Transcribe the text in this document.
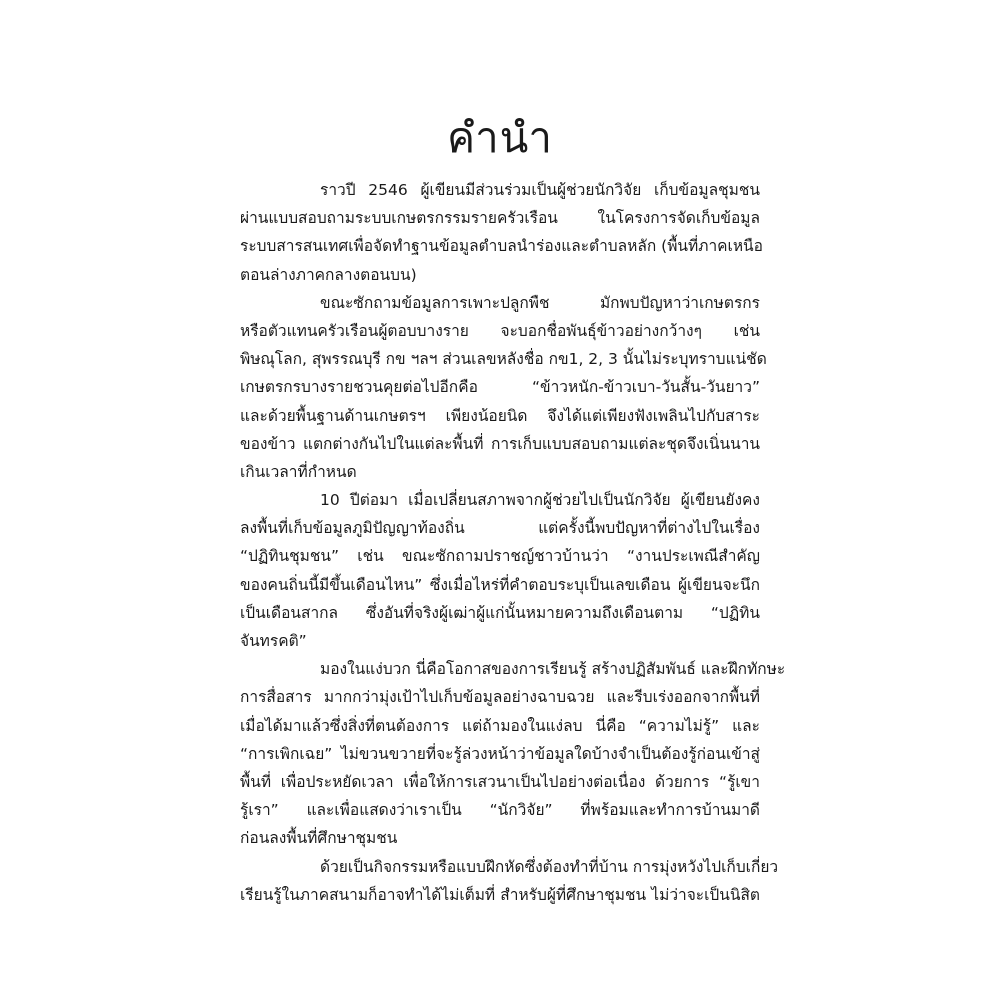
คำนำ
ราวปี 2546 ผู้เขียนมีส่วนร่วมเป็นผู้ช่วยนักวิจัย เก็บข้อมูลชุมชน
ผ่านแบบสอบถามระบบเกษตรกรรมรายครัวเรือน ในโครงการจัดเก็บข้อมูล
ระบบสารสนเทศเพื่อจัดทำฐานข้อมูลตำบลนำร่องและตำบลหลัก (พื้นที่ภาคเหนือ
ตอนล่างภาคกลางตอนบน)
ขณะซักถามข้อมูลการเพาะปลูกพืช มักพบปัญหาว่าเกษตรกร
หรือตัวแทนครัวเรือนผู้ตอบบางราย จะบอกชื่อพันธุ์ข้าวอย่างกว้างๆ เช่น
พิษณุโลก, สุพรรณบุรี กข ฯลฯ ส่วนเลขหลังชื่อ กข1, 2, 3 นั้นไม่ระบุทราบแน่ชัด
เกษตรกรบางรายชวนคุยต่อไปอีกคือ “ข้าวหนัก-ข้าวเบา-วันสั้น-วันยาว”
และด้วยพื้นฐานด้านเกษตรฯ เพียงน้อยนิด จึงได้แต่เพียงฟังเพลินไปกับสาระ
ของข้าว แตกต่างกันไปในแต่ละพื้นที่ การเก็บแบบสอบถามแต่ละชุดจึงเนิ่นนาน
เกินเวลาที่กำหนด
10 ปีต่อมา เมื่อเปลี่ยนสภาพจากผู้ช่วยไปเป็นนักวิจัย ผู้เขียนยังคง
ลงพื้นที่เก็บข้อมูลภูมิปัญญาท้องถิ่น แต่ครั้งนี้พบปัญหาที่ต่างไปในเรื่อง
“ปฏิทินชุมชน” เช่น ขณะซักถามปราชญ์ชาวบ้านว่า “งานประเพณีสำคัญ
ของคนถิ่นนี้มีขึ้นเดือนไหน” ซึ่งเมื่อไหร่ที่คำตอบระบุเป็นเลขเดือน ผู้เขียนจะนึก
เป็นเดือนสากล ซึ่งอันที่จริงผู้เฒ่าผู้แก่นั้นหมายความถึงเดือนตาม “ปฏิทิน
จันทรคติ”
มองในแง่บวก นี่คือโอกาสของการเรียนรู้ สร้างปฏิสัมพันธ์ และฝึกทักษะ
การสื่อสาร มากกว่ามุ่งเป้าไปเก็บข้อมูลอย่างฉาบฉวย และรีบเร่งออกจากพื้นที่
เมื่อได้มาแล้วซึ่งสิ่งที่ตนต้องการ แต่ถ้ามองในแง่ลบ นี่คือ “ความไม่รู้” และ
“การเพิกเฉย” ไม่ขวนขวายที่จะรู้ล่วงหน้าว่าข้อมูลใดบ้างจำเป็นต้องรู้ก่อนเข้าสู่
พื้นที่ เพื่อประหยัดเวลา เพื่อให้การเสวนาเป็นไปอย่างต่อเนื่อง ด้วยการ “รู้เขา
รู้เรา” และเพื่อแสดงว่าเราเป็น “นักวิจัย” ที่พร้อมและทำการบ้านมาดี
ก่อนลงพื้นที่ศึกษาชุมชน
ด้วยเป็นกิจกรรมหรือแบบฝึกหัดซึ่งต้องทำที่บ้าน การมุ่งหวังไปเก็บเกี่ยว
เรียนรู้ในภาคสนามก็อาจทำได้ไม่เต็มที่ สำหรับผู้ที่ศึกษาชุมชน ไม่ว่าจะเป็นนิสิต
